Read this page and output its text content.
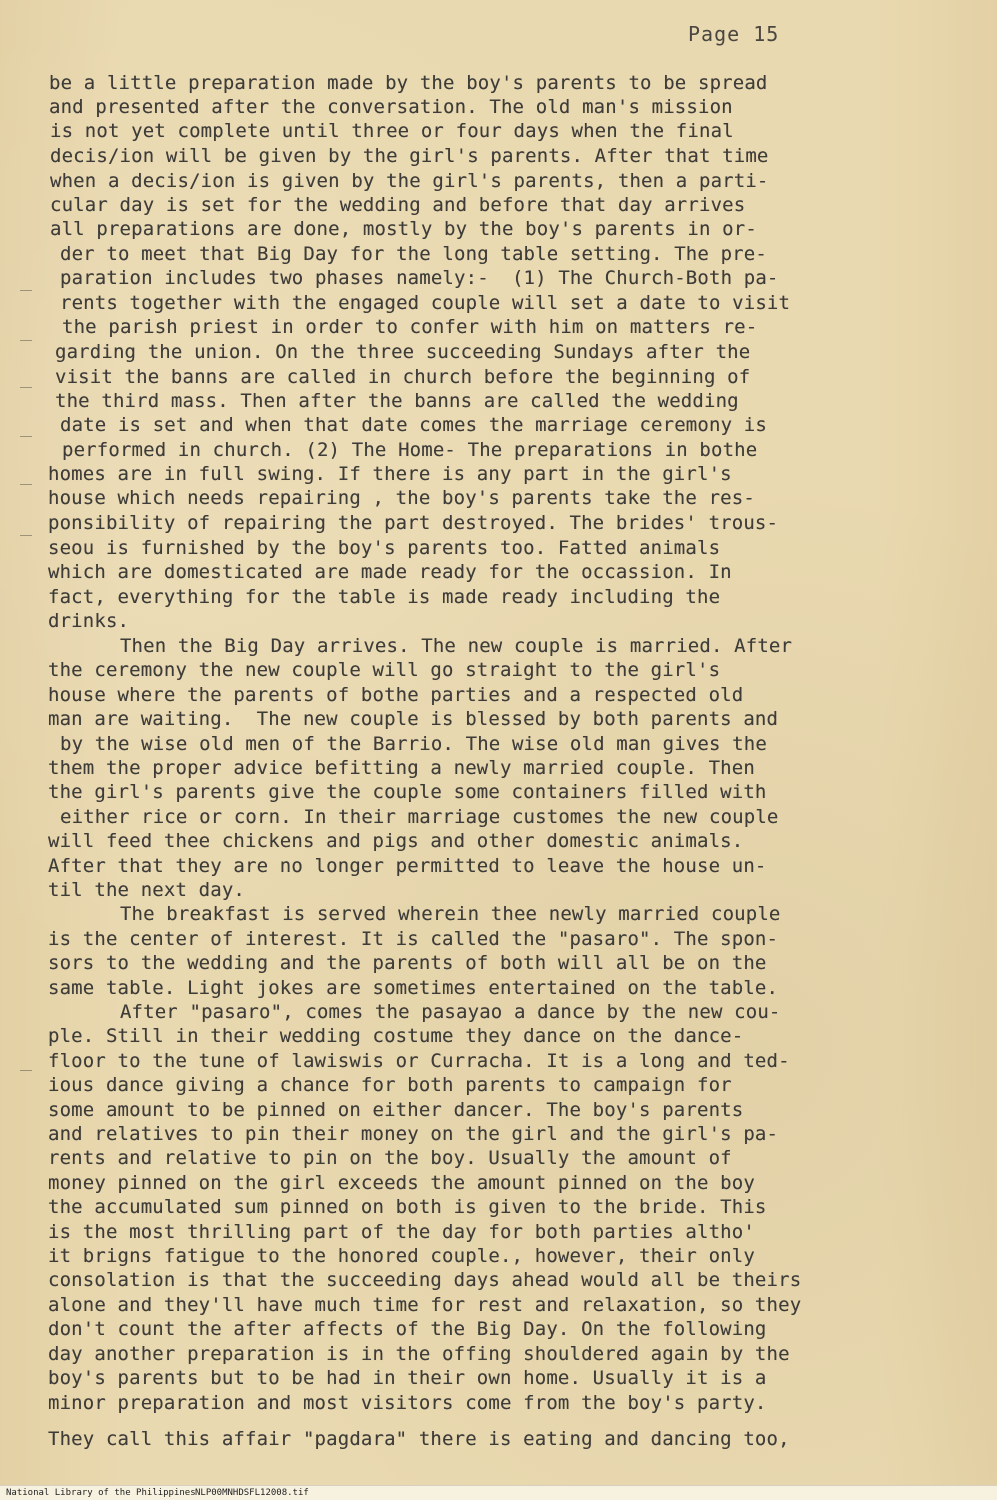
Page 15
be a little preparation made by the boy's parents to be spread
and presented after the conversation. The old man's mission
is not yet complete until three or four days when the final
decis/ion will be given by the girl's parents. After that time
when a decis/ion is given by the girl's parents, then a parti-
cular day is set for the wedding and before that day arrives
all preparations are done, mostly by the boy's parents in or-
der to meet that Big Day for the long table setting. The pre-
paration includes two phases namely:-  (1) The Church-Both pa-
rents together with the engaged couple will set a date to visit
the parish priest in order to confer with him on matters re-
garding the union. On the three succeeding Sundays after the
visit the banns are called in church before the beginning of
the third mass. Then after the banns are called the wedding
date is set and when that date comes the marriage ceremony is
performed in church. (2) The Home- The preparations in bothe
homes are in full swing. If there is any part in the girl's
house which needs repairing , the boy's parents take the res-
ponsibility of repairing the part destroyed. The brides' trous-
seou is furnished by the boy's parents too. Fatted animals
which are domesticated are made ready for the occassion. In
fact, everything for the table is made ready including the
drinks.
Then the Big Day arrives. The new couple is married. After
the ceremony the new couple will go straight to the girl's
house where the parents of bothe parties and a respected old
man are waiting.  The new couple is blessed by both parents and
by the wise old men of the Barrio. The wise old man gives the
them the proper advice befitting a newly married couple. Then
the girl's parents give the couple some containers filled with
either rice or corn. In their marriage customes the new couple
will feed thee chickens and pigs and other domestic animals.
After that they are no longer permitted to leave the house un-
til the next day.
The breakfast is served wherein thee newly married couple
is the center of interest. It is called the "pasaro". The spon-
sors to the wedding and the parents of both will all be on the
same table. Light jokes are sometimes entertained on the table.
After "pasaro", comes the pasayao a dance by the new cou-
ple. Still in their wedding costume they dance on the dance-
floor to the tune of lawiswis or Curracha. It is a long and ted-
ious dance giving a chance for both parents to campaign for
some amount to be pinned on either dancer. The boy's parents
and relatives to pin their money on the girl and the girl's pa-
rents and relative to pin on the boy. Usually the amount of
money pinned on the girl exceeds the amount pinned on the boy
the accumulated sum pinned on both is given to the bride. This
is the most thrilling part of the day for both parties altho'
it brigns fatigue to the honored couple., however, their only
consolation is that the succeeding days ahead would all be theirs
alone and they'll have much time for rest and relaxation, so they
don't count the after affects of the Big Day. On the following
day another preparation is in the offing shouldered again by the
boy's parents but to be had in their own home. Usually it is a
minor preparation and most visitors come from the boy's party.
They call this affair "pagdara" there is eating and dancing too,
National Library of the Philippines NLP00MNHDSFL12008.tif
